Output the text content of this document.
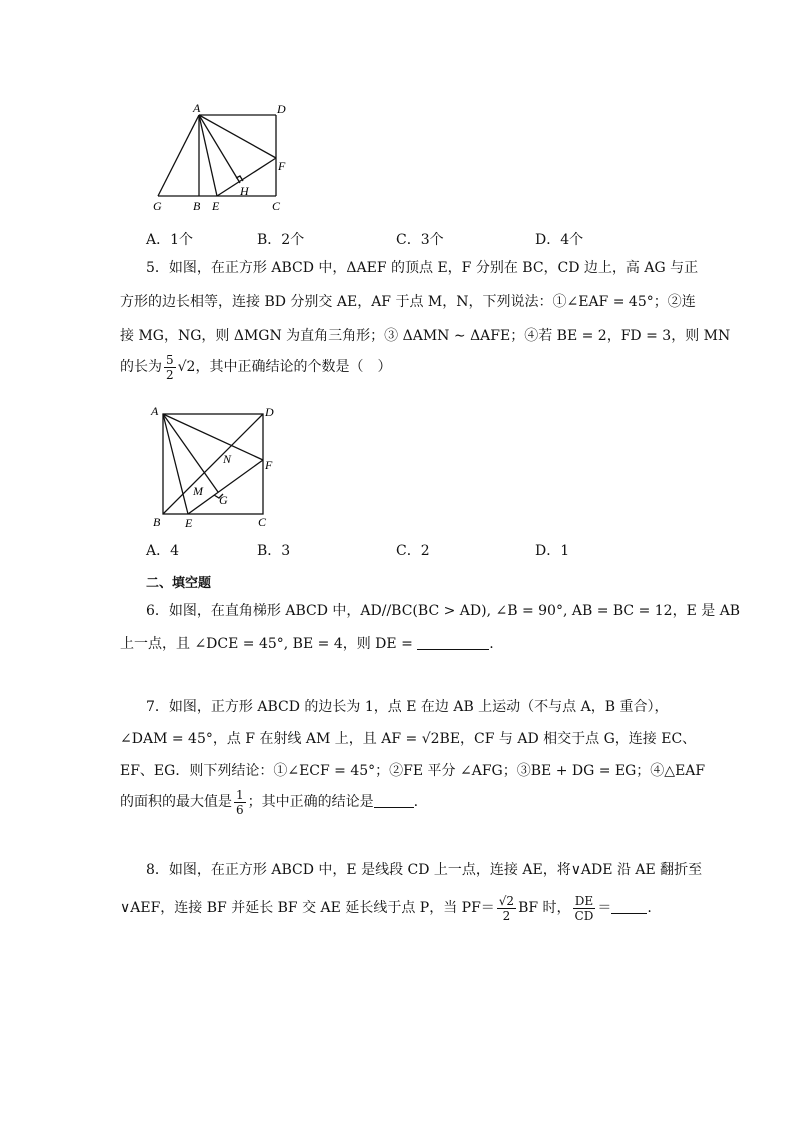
A	D
F
H
G	B E	C
A．1个	B．2个	C．3个	D．4个
5．如图，在正方形 ABCD 中，ΔAEF 的顶点 E，F 分别在 BC，CD 边上，高 AG 与正
方形的边长相等，连接 BD 分别交 AE，AF 于点 M，N，下列说法：①∠EAF = 45°；②连
接 MG，NG，则 ΔMGN 为直角三角形；③ ΔAMN ∼ ΔAFE；④若 BE = 2，FD = 3，则 MN
的长为 $\frac{5}{2} √2$，其中正确结论的个数是（　）
A	D
N	F
M
G
B E	C
A．4	B．3	C．2	D．1
二、填空题
6．如图，在直角梯形 ABCD 中，AD//BC(BC > AD), ∠B = 90°, AB = BC = 12，E 是 AB
上一点，且 ∠DCE = 45°, BE = 4，则 DE =	.
7．如图，正方形 ABCD 的边长为 1，点 E 在边 AB 上运动（不与点 A，B 重合），
∠DAM = 45°，点 F 在射线 AM 上，且 AF = √2BE，CF 与 AD 相交于点 G，连接 EC、
EF、EG．则下列结论：①∠ECF = 45°；②FE 平分 ∠AFG；③BE + DG = EG；④△EAF
的面积的最大值是 $\frac{1}{6}$ ；其中正确的结论是	.
8．如图，在正方形 ABCD 中，E 是线段 CD 上一点，连接 AE，将∨ADE 沿 AE 翻折至
∨AEF，连接 BF 并延长 BF 交 AE 延长线于点 P，当 $PF= \frac{√2}{2}$ BF 时， $\frac{DE}{CD}$ ＝	.
